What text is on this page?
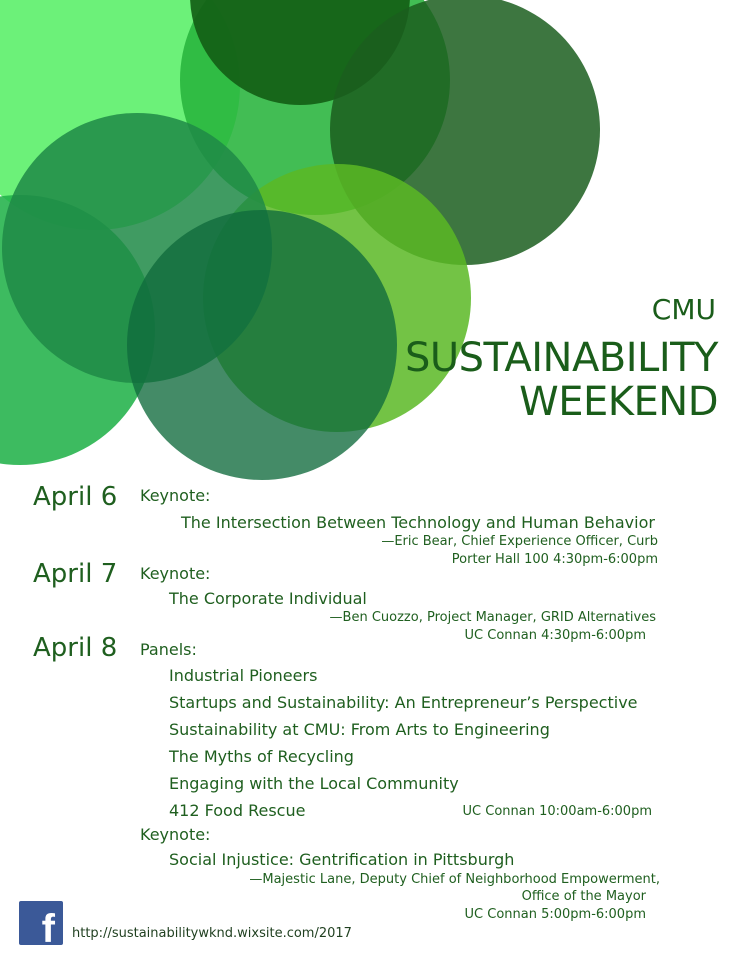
CMU
SUSTAINABILITY
WEEKEND
April 6 Keynote:
The Intersection Between Technology and Human Behavior
—Eric Bear, Chief Experience Officer, Curb
Porter Hall 100 4:30pm-6:00pm
April 7 Keynote:
The Corporate Individual
—Ben Cuozzo, Project Manager, GRID Alternatives
UC Connan 4:30pm-6:00pm
April 8 Panels:
Industrial Pioneers
Startups and Sustainability: An Entrepreneur’s Perspective
Sustainability at CMU: From Arts to Engineering
The Myths of Recycling
Engaging with the Local Community
412 Food Rescue	UC Connan 10:00am-6:00pm
Keynote:
Social Injustice: Gentrification in Pittsburgh
—Majestic Lane, Deputy Chief of Neighborhood Empowerment,
Office of the Mayor
UC Connan 5:00pm-6:00pm
f http://sustainabilitywknd.wixsite.com/2017
